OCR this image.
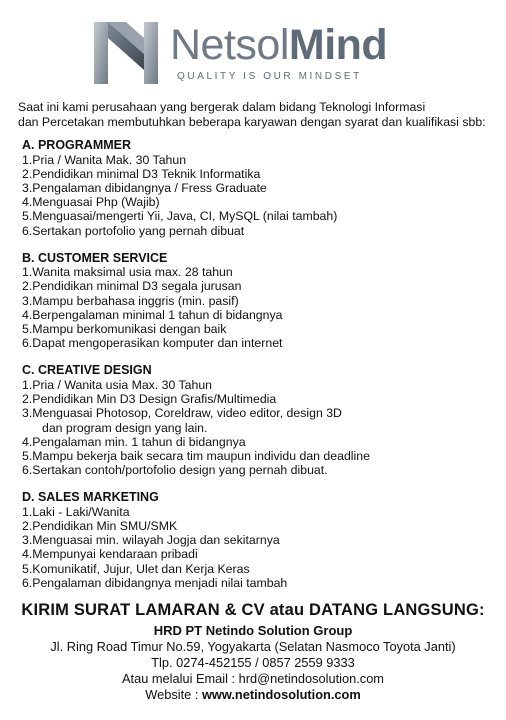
NetsolMind
QUALITY IS OUR MINDSET
Saat ini kami perusahaan yang bergerak dalam bidang Teknologi Informasi
dan Percetakan membutuhkan beberapa karyawan dengan syarat dan kualifikasi sbb:
A. PROGRAMMER
1.Pria / Wanita Mak. 30 Tahun
2.Pendidikan minimal D3 Teknik Informatika
3.Pengalaman dibidangnya / Fress Graduate
4.Menguasai Php (Wajib)
5.Menguasai/mengerti Yii, Java, CI, MySQL (nilai tambah)
6.Sertakan portofolio yang pernah dibuat
B. CUSTOMER SERVICE
1.Wanita maksimal usia max. 28 tahun
2.Pendidikan minimal D3 segala jurusan
3.Mampu berbahasa inggris (min. pasif)
4.Berpengalaman minimal 1 tahun di bidangnya
5.Mampu berkomunikasi dengan baik
6.Dapat mengoperasikan komputer dan internet
C. CREATIVE DESIGN
1.Pria / Wanita usia Max. 30 Tahun
2.Pendidikan Min D3 Design Grafis/Multimedia
3.Menguasai Photosop, Coreldraw, video editor, design 3D
dan program design yang lain.
4.Pengalaman min. 1 tahun di bidangnya
5.Mampu bekerja baik secara tim maupun individu dan deadline
6.Sertakan contoh/portofolio design yang pernah dibuat.
D. SALES MARKETING
1.Laki - Laki/Wanita
2.Pendidikan Min SMU/SMK
3.Menguasai min. wilayah Jogja dan sekitarnya
4.Mempunyai kendaraan pribadi
5.Komunikatif, Jujur, Ulet dan Kerja Keras
6.Pengalaman dibidangnya menjadi nilai tambah
KIRIM SURAT LAMARAN & CV atau DATANG LANGSUNG:
HRD PT Netindo Solution Group
Jl. Ring Road Timur No.59, Yogyakarta (Selatan Nasmoco Toyota Janti)
Tlp. 0274-452155 / 0857 2559 9333
Atau melalui Email : hrd@netindosolution.com
Website : www.netindosolution.com
